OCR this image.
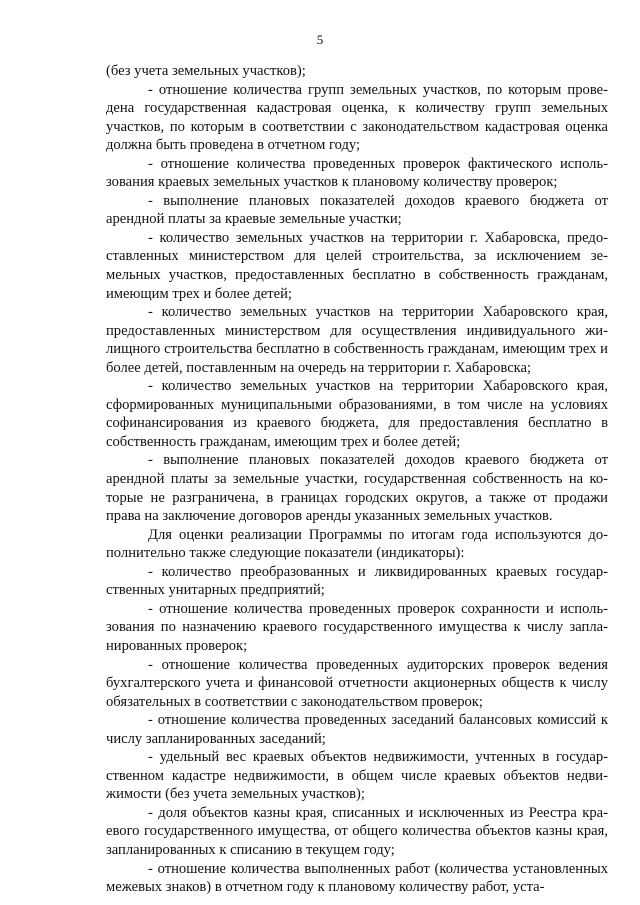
5

(без учета земельных участков);

- отношение количества групп земельных участков, по которым проведена государственная кадастровая оценка, к количеству групп земельных участков, по которым в соответствии с законодательством кадастровая оценка должна быть проведена в отчетном году;

- отношение количества проведенных проверок фактического использования краевых земельных участков к плановому количеству проверок;

- выполнение плановых показателей доходов краевого бюджета от арендной платы за краевые земельные участки;

- количество земельных участков на территории г. Хабаровска, предоставленных министерством для целей строительства, за исключением земельных участков, предоставленных бесплатно в собственность гражданам, имеющим трех и более детей;

- количество земельных участков на территории Хабаровского края, предоставленных министерством для осуществления индивидуального жилищного строительства бесплатно в собственность гражданам, имеющим трех и более детей, поставленным на очередь на территории г. Хабаровска;

- количество земельных участков на территории Хабаровского края, сформированных муниципальными образованиями, в том числе на условиях софинансирования из краевого бюджета, для предоставления бесплатно в собственность гражданам, имеющим трех и более детей;

- выполнение плановых показателей доходов краевого бюджета от арендной платы за земельные участки, государственная собственность на которые не разграничена, в границах городских округов, а также от продажи права на заключение договоров аренды указанных земельных участков.

Для оценки реализации Программы по итогам года используются дополнительно также следующие показатели (индикаторы):

- количество преобразованных и ликвидированных краевых государственных унитарных предприятий;

- отношение количества проведенных проверок сохранности и использования по назначению краевого государственного имущества к числу запланированных проверок;

- отношение количества проведенных аудиторских проверок ведения бухгалтерского учета и финансовой отчетности акционерных обществ к числу обязательных в соответствии с законодательством проверок;

- отношение количества проведенных заседаний балансовых комиссий к числу запланированных заседаний;

- удельный вес краевых объектов недвижимости, учтенных в государственном кадастре недвижимости, в общем числе краевых объектов недвижимости (без учета земельных участков);

- доля объектов казны края, списанных и исключенных из Реестра краевого государственного имущества, от общего количества объектов казны края, запланированных к списанию в текущем году;

- отношение количества выполненных работ (количества установленных межевых знаков) в отчетном году к плановому количеству работ, уста-
